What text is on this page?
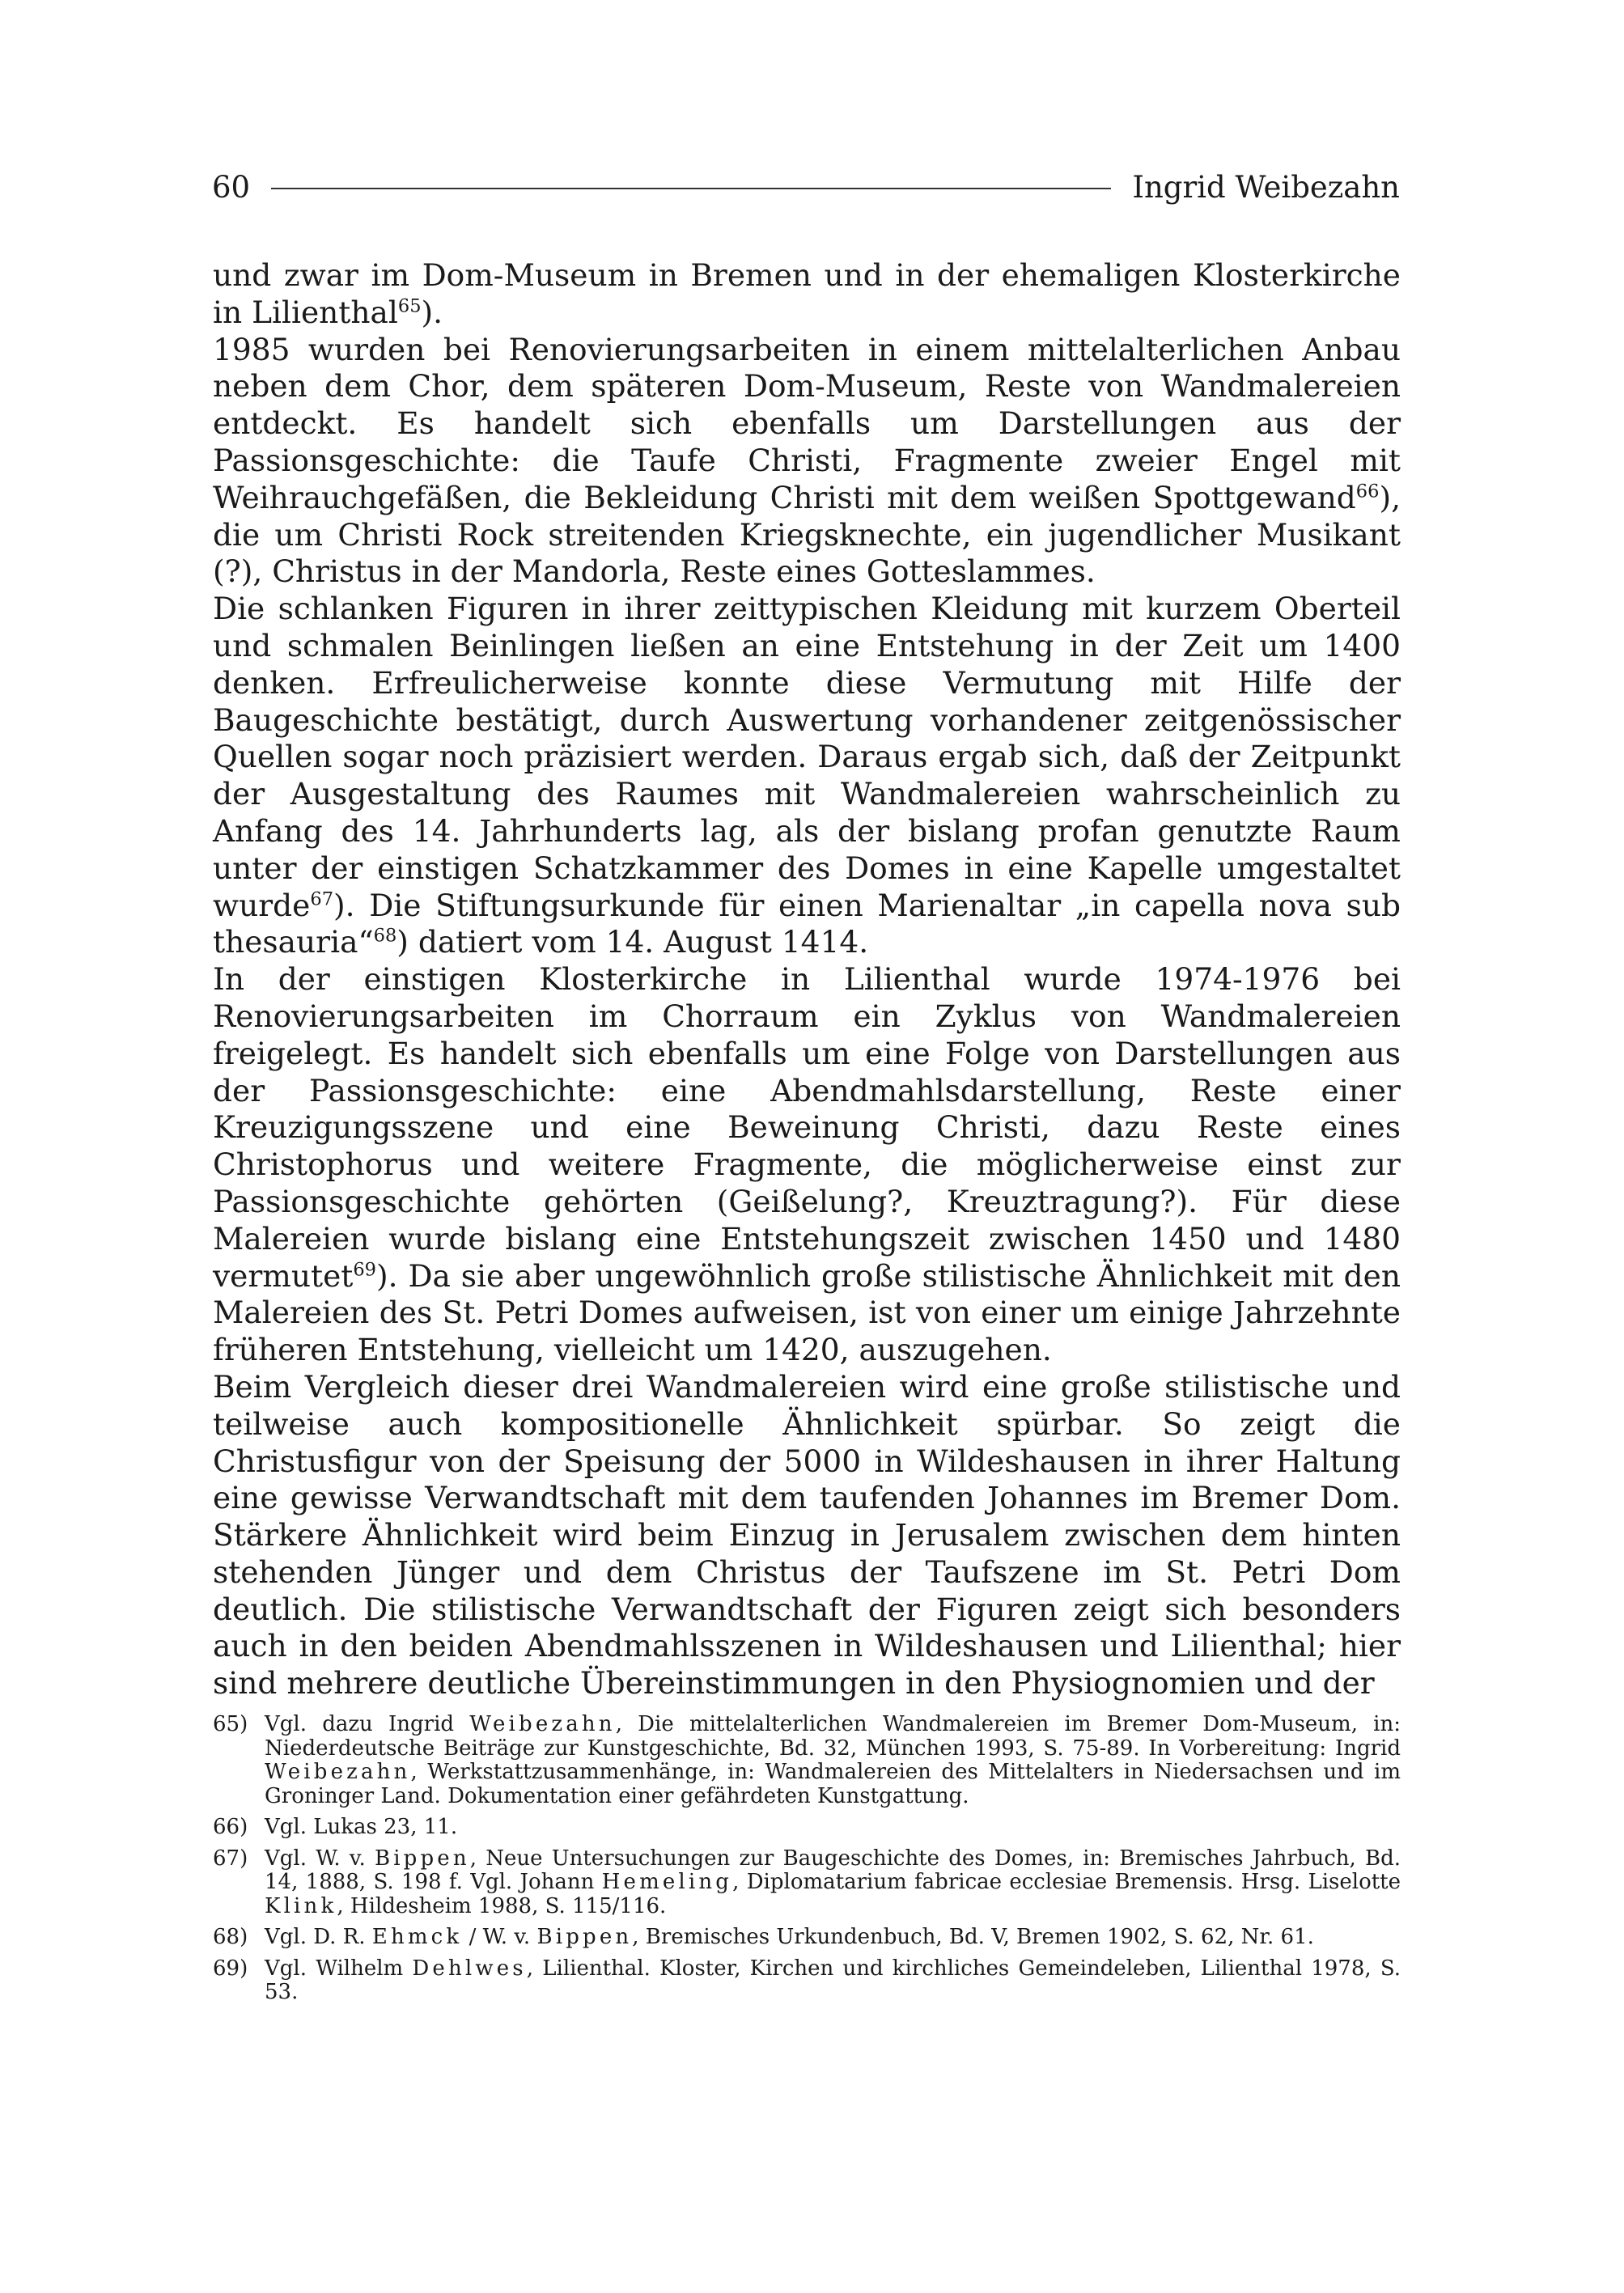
60	Ingrid Weibezahn

und zwar im Dom-Museum in Bremen und in der ehemaligen Klosterkirche in Lilienthal$^{65}$).

1985 wurden bei Renovierungsarbeiten in einem mittelalterlichen Anbau neben dem Chor, dem späteren Dom-Museum, Reste von Wandmalereien entdeckt. Es handelt sich ebenfalls um Darstellungen aus der Passionsgeschichte: die Taufe Christi, Fragmente zweier Engel mit Weihrauchgefäßen, die Bekleidung Christi mit dem weißen Spottgewand$^{66}$), die um Christi Rock streitenden Kriegsknechte, ein jugendlicher Musikant (?), Christus in der Mandorla, Reste eines Gotteslammes.

Die schlanken Figuren in ihrer zeittypischen Kleidung mit kurzem Oberteil und schmalen Beinlingen ließen an eine Entstehung in der Zeit um 1400 denken. Erfreulicherweise konnte diese Vermutung mit Hilfe der Baugeschichte bestätigt, durch Auswertung vorhandener zeitgenössischer Quellen sogar noch präzisiert werden. Daraus ergab sich, daß der Zeitpunkt der Ausgestaltung des Raumes mit Wandmalereien wahrscheinlich zu Anfang des 14. Jahrhunderts lag, als der bislang profan genutzte Raum unter der einstigen Schatzkammer des Domes in eine Kapelle umgestaltet wurde$^{67}$). Die Stiftungsurkunde für einen Marienaltar „in capella nova sub thesauria“$^{68}$) datiert vom 14. August 1414.

In der einstigen Klosterkirche in Lilienthal wurde 1974-1976 bei Renovierungsarbeiten im Chorraum ein Zyklus von Wandmalereien freigelegt. Es handelt sich ebenfalls um eine Folge von Darstellungen aus der Passionsgeschichte: eine Abendmahlsdarstellung, Reste einer Kreuzigungsszene und eine Beweinung Christi, dazu Reste eines Christophorus und weitere Fragmente, die möglicherweise einst zur Passionsgeschichte gehörten (Geißelung?, Kreuztragung?). Für diese Malereien wurde bislang eine Entstehungszeit zwischen 1450 und 1480 vermutet$^{69}$). Da sie aber ungewöhnlich große stilistische Ähnlichkeit mit den Malereien des St. Petri Domes aufweisen, ist von einer um einige Jahrzehnte früheren Entstehung, vielleicht um 1420, auszugehen.

Beim Vergleich dieser drei Wandmalereien wird eine große stilistische und teilweise auch kompositionelle Ähnlichkeit spürbar. So zeigt die Christusfigur von der Speisung der 5000 in Wildeshausen in ihrer Haltung eine gewisse Verwandtschaft mit dem taufenden Johannes im Bremer Dom. Stärkere Ähnlichkeit wird beim Einzug in Jerusalem zwischen dem hinten stehenden Jünger und dem Christus der Taufszene im St. Petri Dom deutlich. Die stilistische Verwandtschaft der Figuren zeigt sich besonders auch in den beiden Abendmahlsszenen in Wildeshausen und Lilienthal; hier sind mehrere deutliche Übereinstimmungen in den Physiognomien und der

65) Vgl. dazu Ingrid Weibezahn, Die mittelalterlichen Wandmalereien im Bremer Dom-Museum, in: Niederdeutsche Beiträge zur Kunstgeschichte, Bd. 32, München 1993, S. 75-89. In Vorbereitung: Ingrid Weibezahn, Werkstattzusammenhänge, in: Wandmalereien des Mittelalters in Niedersachsen und im Groninger Land. Dokumentation einer gefährdeten Kunstgattung.
66) Vgl. Lukas 23, 11.
67) Vgl. W. v. Bippen, Neue Untersuchungen zur Baugeschichte des Domes, in: Bremisches Jahrbuch, Bd. 14, 1888, S. 198 f. Vgl. Johann Hemeling, Diplomatarium fabricae ecclesiae Bremensis. Hrsg. Liselotte Klink, Hildesheim 1988, S. 115/116.
68) Vgl. D. R. Ehmck / W. v. Bippen, Bremisches Urkundenbuch, Bd. V, Bremen 1902, S. 62, Nr. 61.
69) Vgl. Wilhelm Dehlwes, Lilienthal. Kloster, Kirchen und kirchliches Gemeindeleben, Lilienthal 1978, S. 53.
